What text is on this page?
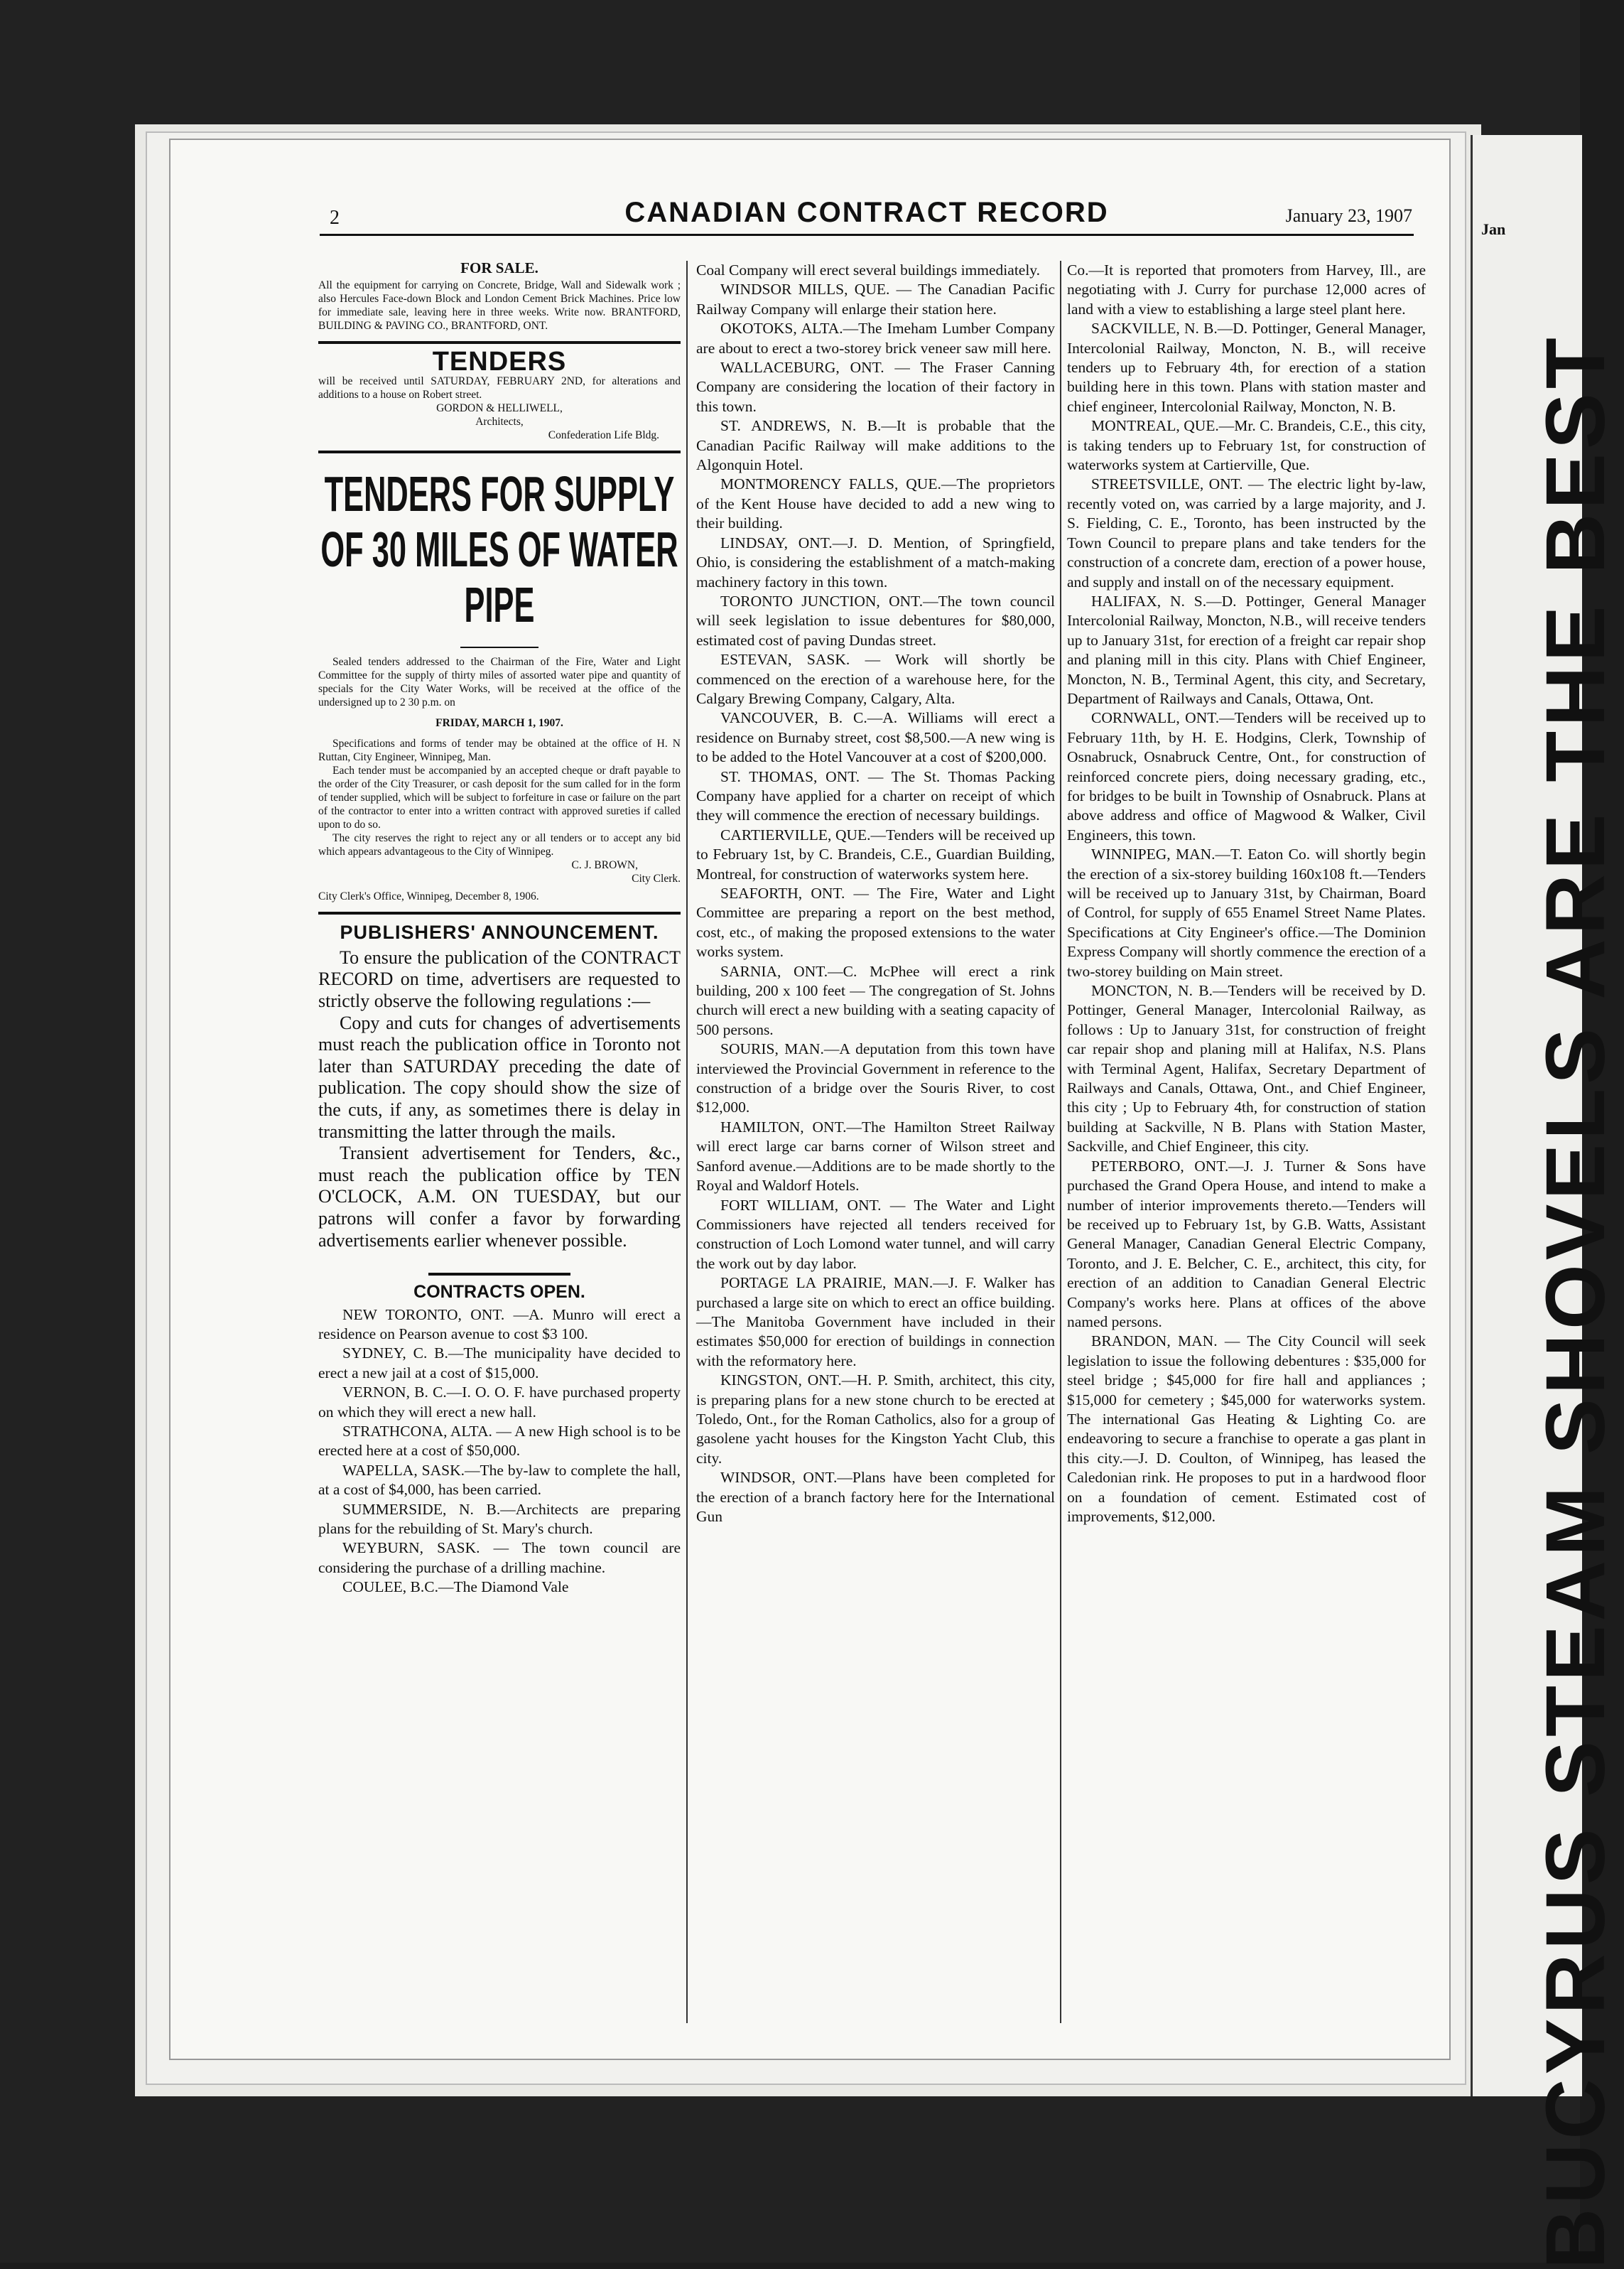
Jan
BUCYRUS STEAM SHOVELS ARE THE BEST
2	CANADIAN CONTRACT RECORD	January 23, 1907
FOR SALE.

All the equipment for carrying on Concrete, Bridge, Wall and Sidewalk work ; also Hercules Face-down Block and London Cement Brick Machines. Price low for immediate sale, leaving here in three weeks. Write now. BRANTFORD, BUILDING & PAVING CO., BRANTFORD, ONT.

TENDERS

will be received until SATURDAY, FEBRUARY 2ND, for alterations and additions to a house on Robert street.

GORDON & HELLIWELL,
Architects,
Confederation Life Bldg.
TENDERS FOR SUPPLY OF 30 MILES OF WATER PIPE

Sealed tenders addressed to the Chairman of the Fire, Water and Light Committee for the supply of thirty miles of assorted water pipe and quantity of specials for the City Water Works, will be received at the office of the undersigned up to 2 30 p.m. on

FRIDAY, MARCH 1, 1907.

Specifications and forms of tender may be obtained at the office of H. N Ruttan, City Engineer, Winnipeg, Man.

Each tender must be accompanied by an accepted cheque or draft payable to the order of the City Treasurer, or cash deposit for the sum called for in the form of tender supplied, which will be subject to forfeiture in case or failure on the part of the contractor to enter into a written contract with approved sureties if called upon to do so.

The city reserves the right to reject any or all tenders or to accept any bid which appears advantageous to the City of Winnipeg.

C. J. BROWN,
City Clerk.
City Clerk's Office, Winnipeg, December 8, 1906.
PUBLISHERS' ANNOUNCEMENT.

To ensure the publication of the CONTRACT RECORD on time, advertisers are requested to strictly observe the following regulations :—

Copy and cuts for changes of advertisements must reach the publication office in Toronto not later than SATURDAY preceding the date of publication. The copy should show the size of the cuts, if any, as sometimes there is delay in transmitting the latter through the mails.

Transient advertisement for Tenders, &c., must reach the publication office by TEN O'CLOCK, A.M. ON TUESDAY, but our patrons will confer a favor by forwarding advertisements earlier whenever possible.

CONTRACTS OPEN.

NEW TORONTO, ONT. —A. Munro will erect a residence on Pearson avenue to cost $3 100.

SYDNEY, C. B.—The municipality have decided to erect a new jail at a cost of $15,000.

VERNON, B. C.—I. O. O. F. have purchased property on which they will erect a new hall.

STRATHCONA, ALTA. — A new High school is to be erected here at a cost of $50,000.

WAPELLA, SASK.—The by-law to complete the hall, at a cost of $4,000, has been carried.

SUMMERSIDE, N. B.—Architects are preparing plans for the rebuilding of St. Mary's church.

WEYBURN, SASK. — The town council are considering the purchase of a drilling machine.

COULEE, B.C.—The Diamond Vale

Coal Company will erect several buildings immediately.

WINDSOR MILLS, QUE. — The Canadian Pacific Railway Company will enlarge their station here.

OKOTOKS, ALTA.—The Imeham Lumber Company are about to erect a two-storey brick veneer saw mill here.

WALLACEBURG, ONT. — The Fraser Canning Company are considering the location of their factory in this town.

ST. ANDREWS, N. B.—It is probable that the Canadian Pacific Railway will make additions to the Algonquin Hotel.

MONTMORENCY FALLS, QUE.—The proprietors of the Kent House have decided to add a new wing to their building.

LINDSAY, ONT.—J. D. Mention, of Springfield, Ohio, is considering the establishment of a match-making machinery factory in this town.

TORONTO JUNCTION, ONT.—The town council will seek legislation to issue debentures for $80,000, estimated cost of paving Dundas street.

ESTEVAN, SASK. — Work will shortly be commenced on the erection of a warehouse here, for the Calgary Brewing Company, Calgary, Alta.

VANCOUVER, B. C.—A. Williams will erect a residence on Burnaby street, cost $8,500.—A new wing is to be added to the Hotel Vancouver at a cost of $200,000.

ST. THOMAS, ONT. — The St. Thomas Packing Company have applied for a charter on receipt of which they will commence the erection of necessary buildings.

CARTIERVILLE, QUE.—Tenders will be received up to February 1st, by C. Brandeis, C.E., Guardian Building, Montreal, for construction of waterworks system here.

SEAFORTH, ONT. — The Fire, Water and Light Committee are preparing a report on the best method, cost, etc., of making the proposed extensions to the water works system.

SARNIA, ONT.—C. McPhee will erect a rink building, 200 x 100 feet — The congregation of St. Johns church will erect a new building with a seating capacity of 500 persons.

SOURIS, MAN.—A deputation from this town have interviewed the Provincial Government in reference to the construction of a bridge over the Souris River, to cost $12,000.

HAMILTON, ONT.—The Hamilton Street Railway will erect large car barns corner of Wilson street and Sanford avenue.—Additions are to be made shortly to the Royal and Waldorf Hotels.

FORT WILLIAM, ONT. — The Water and Light Commissioners have rejected all tenders received for construction of Loch Lomond water tunnel, and will carry the work out by day labor.

PORTAGE LA PRAIRIE, MAN.—J. F. Walker has purchased a large site on which to erect an office building.—The Manitoba Government have included in their estimates $50,000 for erection of buildings in connection with the reformatory here.

KINGSTON, ONT.—H. P. Smith, architect, this city, is preparing plans for a new stone church to be erected at Toledo, Ont., for the Roman Catholics, also for a group of gasolene yacht houses for the Kingston Yacht Club, this city.

WINDSOR, ONT.—Plans have been completed for the erection of a branch factory here for the International Gun

Co.—It is reported that promoters from Harvey, Ill., are negotiating with J. Curry for purchase 12,000 acres of land with a view to establishing a large steel plant here.

SACKVILLE, N. B.—D. Pottinger, General Manager, Intercolonial Railway, Moncton, N. B., will receive tenders up to February 4th, for erection of a station building here in this town. Plans with station master and chief engineer, Intercolonial Railway, Moncton, N. B.

MONTREAL, QUE.—Mr. C. Brandeis, C.E., this city, is taking tenders up to February 1st, for construction of waterworks system at Cartierville, Que.

STREETSVILLE, ONT. — The electric light by-law, recently voted on, was carried by a large majority, and J. S. Fielding, C. E., Toronto, has been instructed by the Town Council to prepare plans and take tenders for the construction of a concrete dam, erection of a power house, and supply and install on of the necessary equipment.

HALIFAX, N. S.—D. Pottinger, General Manager Intercolonial Railway, Moncton, N.B., will receive tenders up to January 31st, for erection of a freight car repair shop and planing mill in this city. Plans with Chief Engineer, Moncton, N. B., Terminal Agent, this city, and Secretary, Department of Railways and Canals, Ottawa, Ont.

CORNWALL, ONT.—Tenders will be received up to February 11th, by H. E. Hodgins, Clerk, Township of Osnabruck, Osnabruck Centre, Ont., for construction of reinforced concrete piers, doing necessary grading, etc., for bridges to be built in Township of Osnabruck. Plans at above address and office of Magwood & Walker, Civil Engineers, this town.

WINNIPEG, MAN.—T. Eaton Co. will shortly begin the erection of a six-storey building 160x108 ft.—Tenders will be received up to January 31st, by Chairman, Board of Control, for supply of 655 Enamel Street Name Plates. Specifications at City Engineer's office.—The Dominion Express Company will shortly commence the erection of a two-storey building on Main street.

MONCTON, N. B.—Tenders will be received by D. Pottinger, General Manager, Intercolonial Railway, as follows : Up to January 31st, for construction of freight car repair shop and planing mill at Halifax, N.S. Plans with Terminal Agent, Halifax, Secretary Department of Railways and Canals, Ottawa, Ont., and Chief Engineer, this city ; Up to February 4th, for construction of station building at Sackville, N B. Plans with Station Master, Sackville, and Chief Engineer, this city.

PETERBORO, ONT.—J. J. Turner & Sons have purchased the Grand Opera House, and intend to make a number of interior improvements thereto.—Tenders will be received up to February 1st, by G.B. Watts, Assistant General Manager, Canadian General Electric Company, Toronto, and J. E. Belcher, C. E., architect, this city, for erection of an addition to Canadian General Electric Company's works here. Plans at offices of the above named persons.

BRANDON, MAN. — The City Council will seek legislation to issue the following debentures : $35,000 for steel bridge ; $45,000 for fire hall and appliances ; $15,000 for cemetery ; $45,000 for waterworks system. The international Gas Heating & Lighting Co. are endeavoring to secure a franchise to operate a gas plant in this city.—J. D. Coulton, of Winnipeg, has leased the Caledonian rink. He proposes to put in a hardwood floor on a foundation of cement. Estimated cost of improvements, $12,000.
